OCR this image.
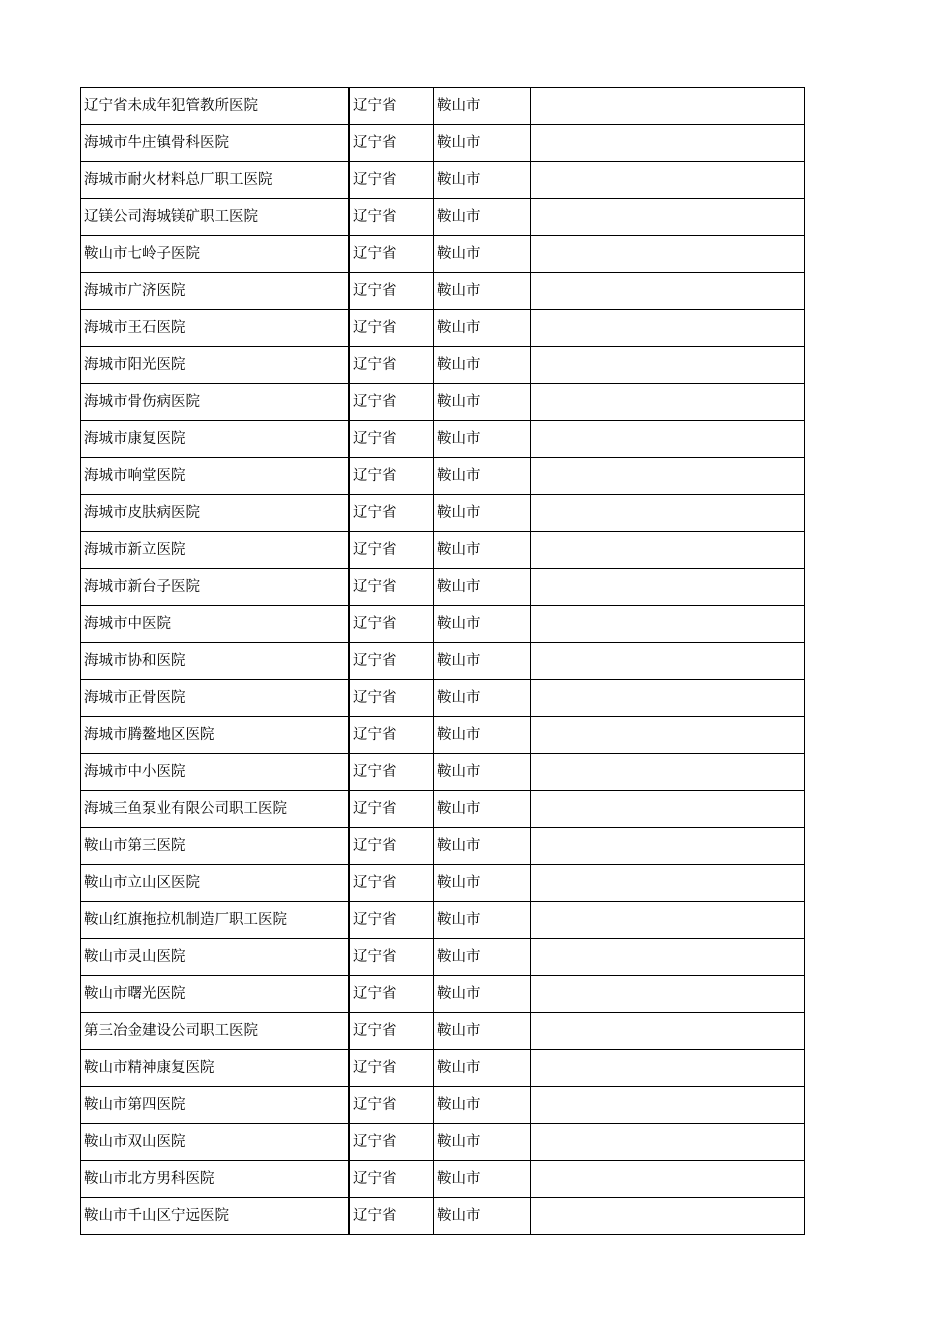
辽宁省未成年犯管教所医院	辽宁省	鞍山市	
海城市牛庄镇骨科医院	辽宁省	鞍山市	
海城市耐火材料总厂职工医院	辽宁省	鞍山市	
辽镁公司海城镁矿职工医院	辽宁省	鞍山市	
鞍山市七岭子医院	辽宁省	鞍山市	
海城市广济医院	辽宁省	鞍山市	
海城市王石医院	辽宁省	鞍山市	
海城市阳光医院	辽宁省	鞍山市	
海城市骨伤病医院	辽宁省	鞍山市	
海城市康复医院	辽宁省	鞍山市	
海城市响堂医院	辽宁省	鞍山市	
海城市皮肤病医院	辽宁省	鞍山市	
海城市新立医院	辽宁省	鞍山市	
海城市新台子医院	辽宁省	鞍山市	
海城市中医院	辽宁省	鞍山市	
海城市协和医院	辽宁省	鞍山市	
海城市正骨医院	辽宁省	鞍山市	
海城市腾鳌地区医院	辽宁省	鞍山市	
海城市中小医院	辽宁省	鞍山市	
海城三鱼泵业有限公司职工医院	辽宁省	鞍山市	
鞍山市第三医院	辽宁省	鞍山市	
鞍山市立山区医院	辽宁省	鞍山市	
鞍山红旗拖拉机制造厂职工医院	辽宁省	鞍山市	
鞍山市灵山医院	辽宁省	鞍山市	
鞍山市曙光医院	辽宁省	鞍山市	
第三冶金建设公司职工医院	辽宁省	鞍山市	
鞍山市精神康复医院	辽宁省	鞍山市	
鞍山市第四医院	辽宁省	鞍山市	
鞍山市双山医院	辽宁省	鞍山市	
鞍山市北方男科医院	辽宁省	鞍山市	
鞍山市千山区宁远医院	辽宁省	鞍山市	
